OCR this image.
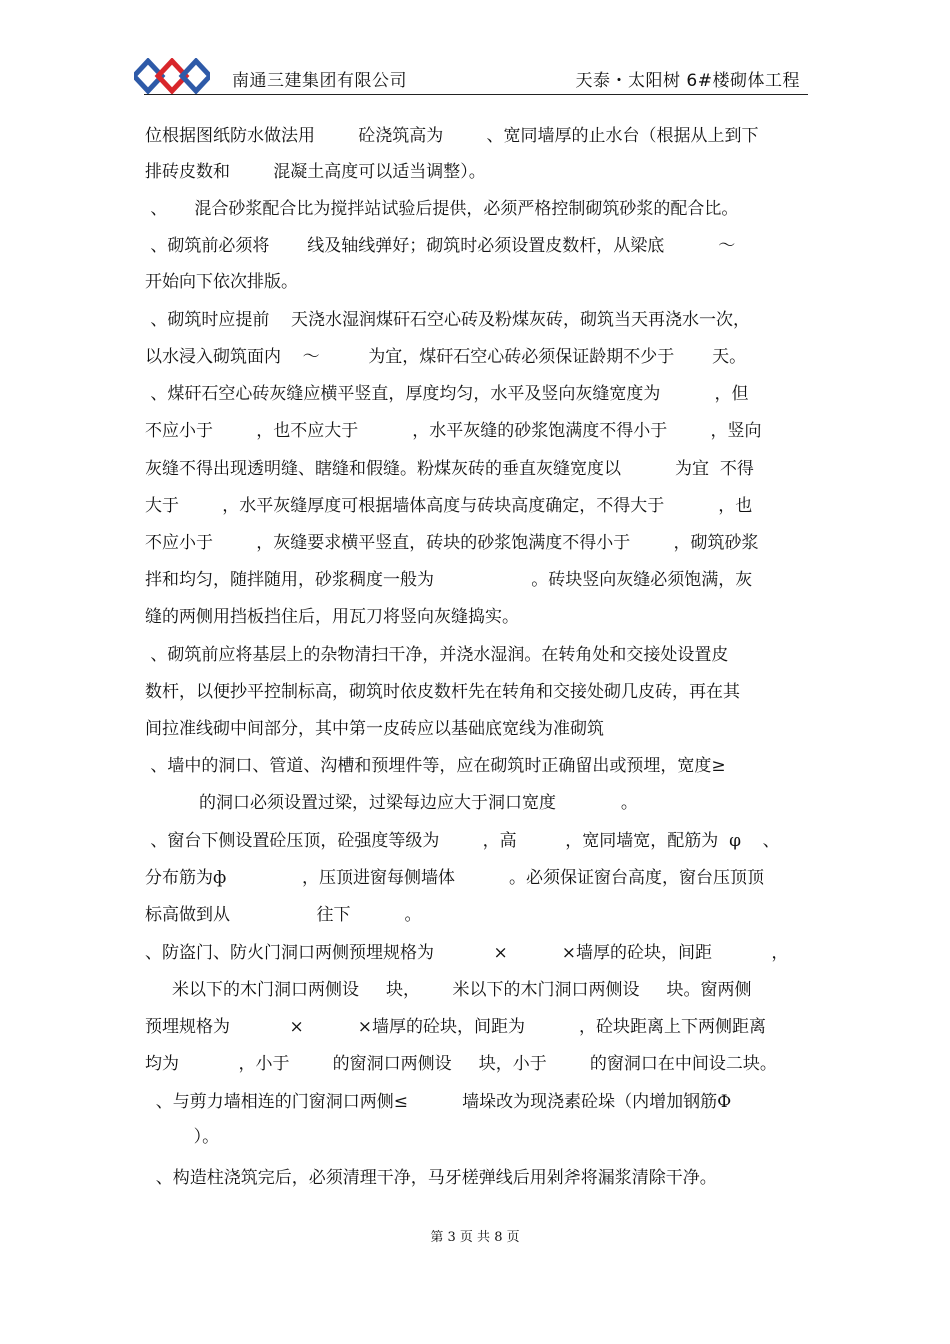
南通三建集团有限公司	天泰・太阳树 6#楼砌体工程
位根据图纸防水做法用        砼浇筑高为        、宽同墙厚的止水台（根据从上到下
排砖皮数和        混凝土高度可以适当调整）。
、     混合砂浆配合比为搅拌站试验后提供，必须严格控制砌筑砂浆的配合比。
、砌筑前必须将       线及轴线弹好；砌筑时必须设置皮数杆，从梁底          ～
开始向下依次排版。
、砌筑时应提前    天浇水湿润煤矸石空心砖及粉煤灰砖，砌筑当天再浇水一次，
以水浸入砌筑面内    ～         为宜，煤矸石空心砖必须保证龄期不少于       天。
、煤矸石空心砖灰缝应横平竖直，厚度均匀，水平及竖向灰缝宽度为          ，但
不应小于        ，也不应大于          ，水平灰缝的砂浆饱满度不得小于        ，竖向
灰缝不得出现透明缝、瞎缝和假缝。粉煤灰砖的垂直灰缝宽度以          为宜  不得
大于        ，水平灰缝厚度可根据墙体高度与砖块高度确定，不得大于          ，也
不应小于        ，灰缝要求横平竖直，砖块的砂浆饱满度不得小于        ，砌筑砂浆
拌和均匀，随拌随用，砂浆稠度一般为                  。砖块竖向灰缝必须饱满，灰
缝的两侧用挡板挡住后，用瓦刀将竖向灰缝捣实。
、砌筑前应将基层上的杂物清扫干净，并浇水湿润。在转角处和交接处设置皮
数杆，以便抄平控制标高，砌筑时依皮数杆先在转角和交接处砌几皮砖，再在其
间拉准线砌中间部分，其中第一皮砖应以基础底宽线为准砌筑
、墙中的洞口、管道、沟槽和预埋件等，应在砌筑时正确留出或预埋，宽度≥
的洞口必须设置过梁，过梁每边应大于洞口宽度            。
、窗台下侧设置砼压顶，砼强度等级为        ，高         ，宽同墙宽，配筋为  φ    、
分布筋为ф              ，压顶进窗每侧墙体          。必须保证窗台高度，窗台压顶顶
标高做到从                往下          。
、防盗门、防火门洞口两侧预埋规格为           ×          ×墙厚的砼块，间距           ，
米以下的木门洞口两侧设     块，      米以下的木门洞口两侧设     块。窗两侧
预埋规格为           ×          ×墙厚的砼块，间距为          ，砼块距离上下两侧距离
均为           ，小于        的窗洞口两侧设     块，小于        的窗洞口在中间设二块。
、与剪力墙相连的门窗洞口两侧≤          墙垛改为现浇素砼垛（内增加钢筋Ф
）。
、构造柱浇筑完后，必须清理干净，马牙槎弹线后用剁斧将漏浆清除干净。
第 3 页 共 8 页
